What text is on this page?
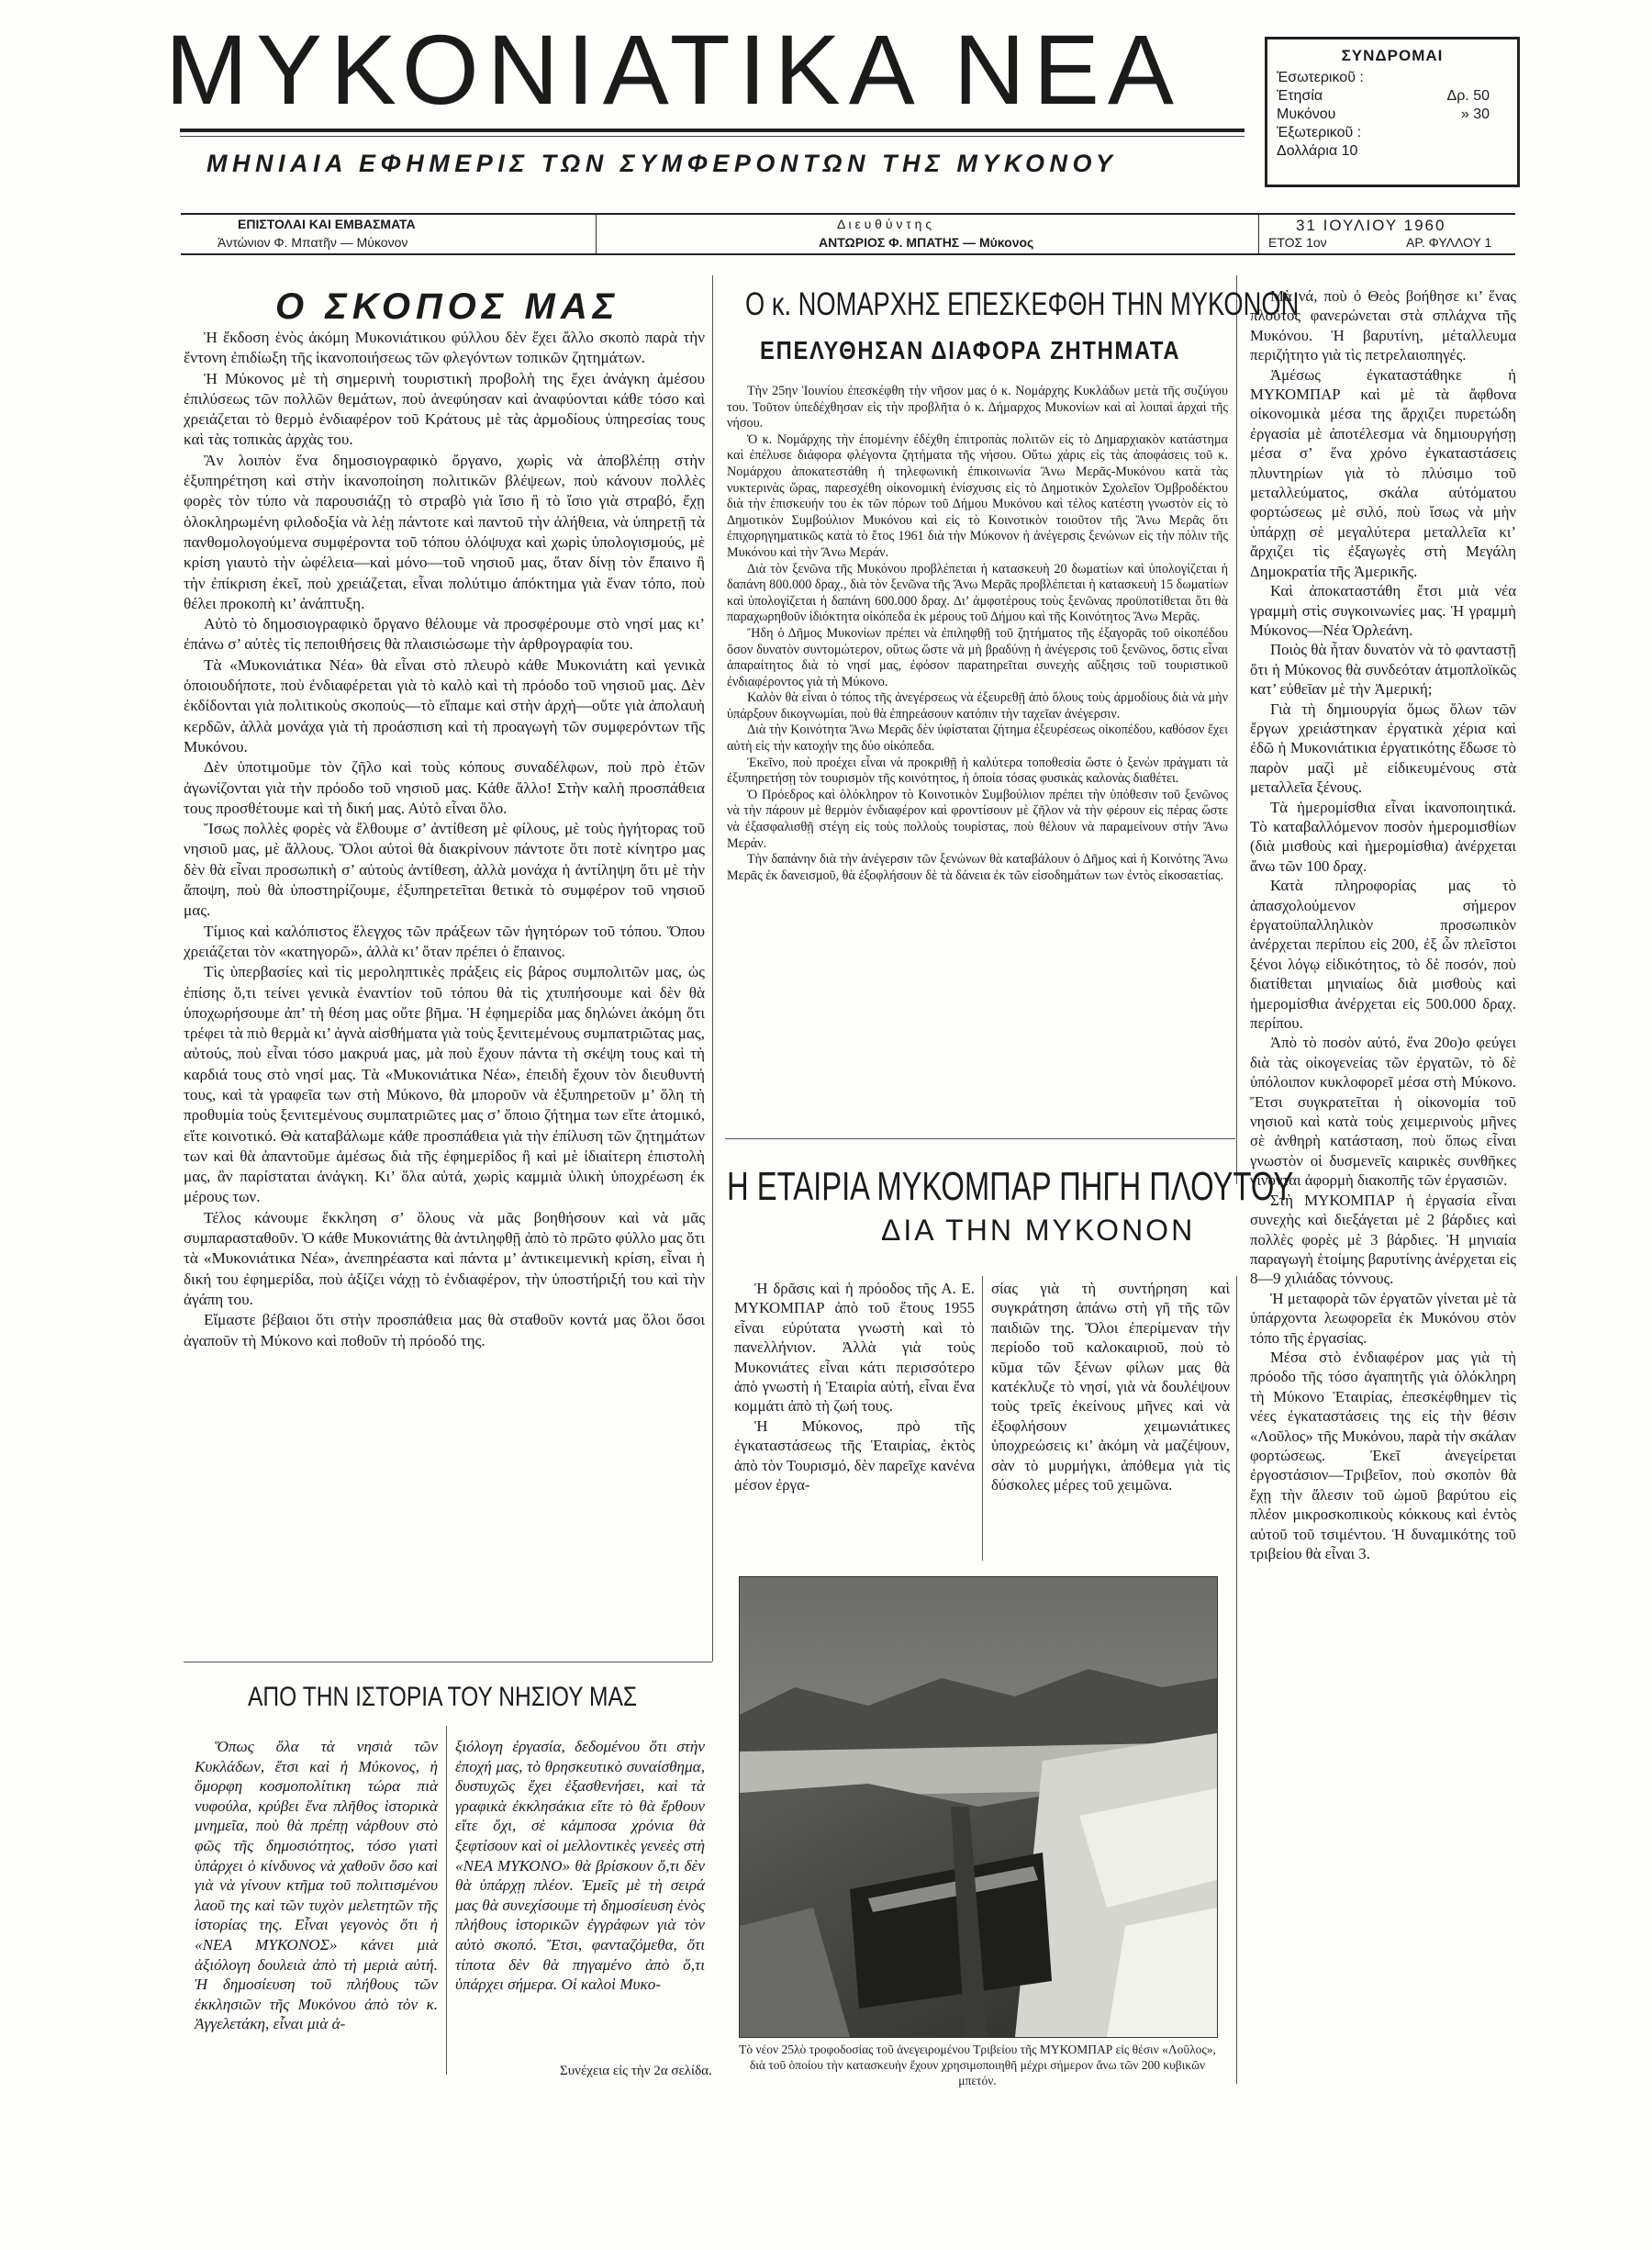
ΜΥΚΟΝΙΑΤΙΚΑ ΝΕΑ
ΜΗΝΙΑΙΑ ΕΦΗΜΕΡΙΣ ΤΩΝ ΣΥΜΦΕΡΟΝΤΩΝ ΤΗΣ ΜΥΚΟΝΟΥ
ΣΥΝΔΡΟΜΑΙ
Ἐσωτερικοῦ :
Ἐτησία	Δρ. 50
Μυκόνου	» 30
Ἐξωτερικοῦ :
Δολλάρια 10
ΕΠΙΣΤΟΛΑΙ ΚΑΙ ΕΜΒΑΣΜΑΤΑ
Ἀντώνιον Φ. Μπατῆν — Μύκονον
Δ ι ε υ θ ύ ν τ η ς
ΑΝΤΩΡΙΟΣ Φ. ΜΠΑΤΗΣ — Μύκονος
31 ΙΟΥΛΙΟΥ 1960
ΕΤΟΣ 1ον	ΑΡ. ΦΥΛΛΟΥ 1
Ο ΣΚΟΠΟΣ ΜΑΣ

Ἡ ἔκδοση ἑνὸς ἀκόμη Μυκονιάτικου φύλλου δὲν ἔχει ἄλλο σκοπὸ παρὰ τὴν ἔντονη ἐπιδίωξη τῆς ἱκανοποιήσεως τῶν φλεγόντων τοπικῶν ζητημάτων.

Ἡ Μύκονος μὲ τὴ σημερινὴ τουριστικὴ προβολὴ της ἔχει ἀνάγκη ἀμέσου ἐπιλύσεως τῶν πολλῶν θεμάτων, ποὺ ἀνεφύησαν καὶ ἀναφύονται κάθε τόσο καὶ χρειάζεται τὸ θερμὸ ἐνδιαφέρον τοῦ Κράτους μὲ τὰς ἁρμοδίους ὑπηρεσίας τους καὶ τὰς τοπικὰς ἀρχὰς του.

Ἂν λοιπὸν ἕνα δημοσιογραφικὸ ὄργανο, χωρὶς νὰ ἀποβλέπῃ στὴν ἐξυπηρέτηση καὶ στὴν ἱκανοποίηση πολιτικῶν βλέψεων, ποὺ κάνουν πολλὲς φορὲς τὸν τύπο νὰ παρουσιάζῃ τὸ στραβὸ γιὰ ἴσιο ἢ τὸ ἴσιο γιὰ στραβό, ἔχῃ ὁλοκληρωμένη φιλοδοξία νὰ λέῃ πάντοτε καὶ παντοῦ τὴν ἀλήθεια, νὰ ὑπηρετῇ τὰ πανθομολογούμενα συμφέροντα τοῦ τόπου ὁλόψυχα καὶ χωρὶς ὑπολογισμούς, μὲ κρίση γιαυτὸ τὴν ὠφέλεια—καὶ μόνο—τοῦ νησιοῦ μας, ὅταν δίνῃ τὸν ἔπαινο ἢ τὴν ἐπίκριση ἐκεῖ, ποὺ χρειάζεται, εἶναι πολύτιμο ἀπόκτημα γιὰ ἕναν τόπο, ποὺ θέλει προκοπὴ κι’ ἀνάπτυξη.

Αὐτὸ τὸ δημοσιογραφικὸ ὄργανο θέλουμε νὰ προσφέρουμε στὸ νησί μας κι’ ἐπάνω σ’ αὐτὲς τὶς πεποιθήσεις θὰ πλαισιώσωμε τὴν ἀρθρογραφία του.

Τὰ «Μυκονιάτικα Νέα» θὰ εἶναι στὸ πλευρὸ κάθε Μυκονιάτη καὶ γενικὰ ὁποιουδήποτε, ποὺ ἐνδιαφέρεται γιὰ τὸ καλὸ καὶ τὴ πρόοδο τοῦ νησιοῦ μας. Δὲν ἐκδίδονται γιὰ πολιτικοὺς σκοποὺς—τὸ εἴπαμε καὶ στὴν ἀρχὴ—οὔτε γιὰ ἀπολαυὴ κερδῶν, ἀλλὰ μονάχα γιὰ τὴ προάσπιση καὶ τὴ προαγωγὴ τῶν συμφερόντων τῆς Μυκόνου.

Δὲν ὑποτιμοῦμε τὸν ζῆλο καὶ τοὺς κόπους συναδέλφων, ποὺ πρὸ ἐτῶν ἀγωνίζονται γιὰ τὴν πρόοδο τοῦ νησιοῦ μας. Κάθε ἄλλο! Στὴν καλὴ προσπάθεια τους προσθέτουμε καὶ τὴ δική μας. Αὐτὸ εἶναι ὅλο.

Ἴσως πολλὲς φορὲς νὰ ἔλθουμε σ’ ἀντίθεση μὲ φίλους, μὲ τοὺς ἡγήτορας τοῦ νησιοῦ μας, μὲ ἄλλους. Ὅλοι αὐτοὶ θὰ διακρίνουν πάντοτε ὅτι ποτὲ κίνητρο μας δὲν θὰ εἶναι προσωπικὴ σ’ αὐτοὺς ἀντίθεση, ἀλλὰ μονάχα ἡ ἀντίληψη ὅτι μὲ τὴν ἄποψη, ποὺ θὰ ὑποστηρίζουμε, ἐξυπηρετεῖται θετικὰ τὸ συμφέρον τοῦ νησιοῦ μας.

Τίμιος καὶ καλόπιστος ἔλεγχος τῶν πράξεων τῶν ἡγητόρων τοῦ τόπου. Ὅπου χρειάζεται τὸν «κατηγορῶ», ἀλλὰ κι’ ὅταν πρέπει ὁ ἔπαινος.

Τὶς ὑπερβασίες καὶ τὶς μεροληπτικὲς πράξεις εἰς βάρος συμπολιτῶν μας, ὡς ἐπίσης ὅ,τι τείνει γενικὰ ἐναντίον τοῦ τόπου θὰ τὶς χτυπήσουμε καὶ δὲν θὰ ὑποχωρήσουμε ἀπ’ τὴ θέση μας οὔτε βῆμα. Ἡ ἐφημερίδα μας δηλώνει ἀκόμη ὅτι τρέφει τὰ πιὸ θερμὰ κι’ ἁγνὰ αἰσθήματα γιὰ τοὺς ξενιτεμένους συμπατριῶτας μας, αὐτούς, ποὺ εἶναι τόσο μακρυά μας, μὰ ποὺ ἔχουν πάντα τὴ σκέψη τους καὶ τὴ καρδιά τους στὸ νησί μας. Τὰ «Μυκονιάτικα Νέα», ἐπειδὴ ἔχουν τὸν διευθυντή τους, καὶ τὰ γραφεῖα των στὴ Μύκονο, θὰ μποροῦν νὰ ἐξυπηρετοῦν μ’ ὅλη τὴ προθυμία τοὺς ξενιτεμένους συμπατριῶτες μας σ’ ὅποιο ζήτημα των εἴτε ἀτομικό, εἴτε κοινοτικό. Θὰ καταβάλωμε κάθε προσπάθεια γιὰ τὴν ἐπίλυση τῶν ζητημάτων των καὶ θὰ ἀπαντοῦμε ἀμέσως διὰ τῆς ἐφημερίδος ἢ καὶ μὲ ἰδιαίτερη ἐπιστολὴ μας, ἂν παρίσταται ἀνάγκη. Κι’ ὅλα αὐτά, χωρὶς καμμιὰ ὑλικὴ ὑποχρέωση ἐκ μέρους των.

Τέλος κάνουμε ἔκκληση σ’ ὅλους νὰ μᾶς βοηθήσουν καὶ νὰ μᾶς συμπαρασταθοῦν. Ὁ κάθε Μυκονιάτης θὰ ἀντιληφθῇ ἀπὸ τὸ πρῶτο φύλλο μας ὅτι τὰ «Μυκονιάτικα Νέα», ἀνεπηρέαστα καὶ πάντα μ’ ἀντικειμενικὴ κρίση, εἶναι ἡ δική του ἐφημερίδα, ποὺ ἀξίζει νάχῃ τὸ ἐνδιαφέρον, τὴν ὑποστήριξή του καὶ τὴν ἀγάπη του.

Εἴμαστε βέβαιοι ὅτι στὴν προσπάθεια μας θὰ σταθοῦν κοντά μας ὅλοι ὅσοι ἀγαποῦν τὴ Μύκονο καὶ ποθοῦν τὴ πρόοδό της.

Ο κ. ΝΟΜΑΡΧΗΣ ΕΠΕΣΚΕΦΘΗ ΤΗΝ ΜΥΚΟΝΟΝ
ΕΠΕΛΥΘΗΣΑΝ ΔΙΑΦΟΡΑ ΖΗΤΗΜΑΤΑ

Τὴν 25ην Ἰουνίου ἐπεσκέφθη τὴν νῆσον μας ὁ κ. Νομάρχης Κυκλάδων μετὰ τῆς συζύγου του. Τοῦτον ὑπεδέχθησαν εἰς τὴν προβλῆτα ὁ κ. Δήμαρχος Μυκονίων καὶ αἱ λοιπαὶ ἀρχαὶ τῆς νήσου.

Ὁ κ. Νομάρχης τὴν ἑπομένην ἐδέχθη ἐπιτροπὰς πολιτῶν εἰς τὸ Δημαρχιακὸν κατάστημα καὶ ἐπέλυσε διάφορα φλέγοντα ζητήματα τῆς νήσου. Οὕτω χάρις εἰς τὰς ἀποφάσεις τοῦ κ. Νομάρχου ἀποκατεστάθη ἡ τηλεφωνικὴ ἐπικοινωνία Ἄνω Μερᾶς-Μυκόνου κατὰ τὰς νυκτερινὰς ὥρας, παρεσχέθη οἰκονομικὴ ἐνίσχυσις εἰς τὸ Δημοτικὸν Σχολεῖον Ὀμβροδέκτου διὰ τὴν ἐπισκευήν του ἐκ τῶν πόρων τοῦ Δήμου Μυκόνου καὶ τέλος κατέστη γνωστὸν εἰς τὸ Δημοτικὸν Συμβούλιον Μυκόνου καὶ εἰς τὸ Κοινοτικὸν τοιοῦτον τῆς Ἄνω Μερᾶς ὅτι ἐπιχορηγηματικῶς κατὰ τὸ ἔτος 1961 διὰ τὴν Μύκονον ἡ ἀνέγερσις ξενώνων εἰς τὴν πόλιν τῆς Μυκόνου καὶ τὴν Ἄνω Μεράν.

Διὰ τὸν ξενῶνα τῆς Μυκόνου προβλέπεται ἡ κατασκευὴ 20 δωματίων καὶ ὑπολογίζεται ἡ δαπάνη 800.000 δραχ., διὰ τὸν ξενῶνα τῆς Ἄνω Μερᾶς προβλέπεται ἡ κατασκευὴ 15 δωματίων καὶ ὑπολογίζεται ἡ δαπάνη 600.000 δραχ. Δι’ ἀμφοτέρους τοὺς ξενῶνας προϋποτίθεται ὅτι θὰ παραχωρηθοῦν ἰδιόκτητα οἰκόπεδα ἐκ μέρους τοῦ Δήμου καὶ τῆς Κοινότητος Ἄνω Μερᾶς.

Ἤδη ὁ Δῆμος Μυκονίων πρέπει νὰ ἐπιληφθῇ τοῦ ζητήματος τῆς ἐξαγορᾶς τοῦ οἰκοπέδου ὅσον δυνατὸν συντομώτερον, οὕτως ὥστε νὰ μὴ βραδύνῃ ἡ ἀνέγερσις τοῦ ξενῶνος, ὅστις εἶναι ἀπαραίτητος διὰ τὸ νησί μας, ἐφόσον παρατηρεῖται συνεχὴς αὔξησις τοῦ τουριστικοῦ ἐνδιαφέροντος γιὰ τὴ Μύκονο.

Καλὸν θὰ εἶναι ὁ τόπος τῆς ἀνεγέρσεως νὰ ἐξευρεθῇ ἀπὸ ὅλους τοὺς ἁρμοδίους διὰ νὰ μὴν ὑπάρξουν δικογνωμίαι, ποὺ θὰ ἐπηρεάσουν κατόπιν τὴν ταχεῖαν ἀνέγερσιν.

Διὰ τὴν Κοινότητα Ἄνω Μερᾶς δὲν ὑφίσταται ζήτημα ἐξευρέσεως οἰκοπέδου, καθόσον ἔχει αὐτὴ εἰς τὴν κατοχήν της δύο οἰκόπεδα.

Ἐκεῖνο, ποὺ προέχει εἶναι νὰ προκριθῇ ἡ καλύτερα τοποθεσία ὥστε ὁ ξενὼν πράγματι τὰ ἐξυπηρετήσῃ τὸν τουρισμὸν τῆς κοινότητος, ἡ ὁποία τόσας φυσικὰς καλονὰς διαθέτει.

Ὁ Πρόεδρος καὶ ὁλόκληρον τὸ Κοινοτικὸν Συμβούλιον πρέπει τὴν ὑπόθεσιν τοῦ ξενῶνος νὰ τὴν πάρουν μὲ θερμὸν ἐνδιαφέρον καὶ φροντίσουν μὲ ζῆλον νὰ τὴν φέρουν εἰς πέρας ὥστε νὰ ἐξασφαλισθῇ στέγη εἰς τοὺς πολλοὺς τουρίστας, ποὺ θέλουν νὰ παραμείνουν στὴν Ἄνω Μεράν.

Τὴν δαπάνην διὰ τὴν ἀνέγερσιν τῶν ξενώνων θὰ καταβάλουν ὁ Δῆμος καὶ ἡ Κοινότης Ἄνω Μερᾶς ἐκ δανεισμοῦ, θὰ ἐξοφλήσουν δὲ τὰ δάνεια ἐκ τῶν εἰσοδημάτων των ἐντὸς εἰκοσαετίας.

Μὰ νά, ποὺ ὁ Θεὸς βοήθησε κι’ ἕνας πλοῦτος φανερώνεται στὰ σπλάχνα τῆς Μυκόνου. Ἡ βαρυτίνη, μέταλλευμα περιζήτητο γιὰ τὶς πετρελαιοπηγές.

Ἀμέσως ἐγκαταστάθηκε ἡ ΜΥΚΟΜΠΑΡ καὶ μὲ τὰ ἄφθονα οἰκονομικὰ μέσα της ἄρχιζει πυρετώδη ἐργασία μὲ ἀποτέλεσμα νὰ δημιουργήσῃ μέσα σ’ ἕνα χρόνο ἐγκαταστάσεις πλυντηρίων γιὰ τὸ πλύσιμο τοῦ μεταλλεύματος, σκάλα αὐτόματου φορτώσεως μὲ σιλό, ποὺ ἴσως νὰ μὴν ὑπάρχῃ σὲ μεγαλύτερα μεταλλεῖα κι’ ἄρχιζει τὶς ἐξαγωγὲς στὴ Μεγάλη Δημοκρατία τῆς Ἀμερικῆς.

Καὶ ἀποκαταστάθη ἔτσι μιὰ νέα γραμμὴ στὶς συγκοινωνίες μας. Ἡ γραμμὴ Μύκονος—Νέα Ὀρλεάνη.

Ποιὸς θὰ ἦταν δυνατὸν νὰ τὸ φανταστῇ ὅτι ἡ Μύκονος θὰ συνδεόταν ἀτμοπλοϊκῶς κατ’ εὐθεῖαν μὲ τὴν Ἀμερική;

Γιὰ τὴ δημιουργία ὅμως ὅλων τῶν ἔργων χρειάστηκαν ἐργατικὰ χέρια καὶ ἐδῶ ἡ Μυκονιάτικια ἐργατικότης ἔδωσε τὸ παρὸν μαζὶ μὲ εἰδικευμένους στὰ μεταλλεῖα ξένους.

Τὰ ἡμερομίσθια εἶναι ἱκανοποιητικά. Τὸ καταβαλλόμενον ποσὸν ἡμερομισθίων (διὰ μισθοὺς καὶ ἡμερομίσθια) ἀνέρχεται ἄνω τῶν 100 δραχ.

Κατὰ πληροφορίας μας τὸ ἀπασχολούμενον σήμερον ἐργατοϋπαλληλικὸν προσωπικὸν ἀνέρχεται περίπου εἰς 200, ἐξ ὧν πλεῖστοι ξένοι λόγῳ εἰδικότητος, τὸ δὲ ποσόν, ποὺ διατίθεται μηνιαίως διὰ μισθοὺς καὶ ἡμερομίσθια ἀνέρχεται εἰς 500.000 δραχ. περίπου.

Ἀπὸ τὸ ποσὸν αὐτό, ἕνα 20ο)ο φεύγει διὰ τὰς οἰκογενείας τῶν ἐργατῶν, τὸ δὲ ὑπόλοιπον κυκλοφορεῖ μέσα στὴ Μύκονο. Ἔτσι συγκρατεῖται ἡ οἰκονομία τοῦ νησιοῦ καὶ κατὰ τοὺς χειμερινοὺς μῆνες σὲ ἀνθηρὴ κατάσταση, ποὺ ὅπως εἶναι γνωστὸν οἱ δυσμενεῖς καιρικὲς συνθῆκες γίνονται ἀφορμὴ διακοπῆς τῶν ἐργασιῶν.

Στὴ ΜΥΚΟΜΠΑΡ ἡ ἐργασία εἶναι συνεχὴς καὶ διεξάγεται μὲ 2 βάρδιες καὶ πολλὲς φορὲς μὲ 3 βάρδιες. Ἡ μηνιαία παραγωγὴ ἑτοίμης βαρυτίνης ἀνέρχεται εἰς 8—9 χιλιάδας τόννους.

Ἡ μεταφορὰ τῶν ἐργατῶν γίνεται μὲ τὰ ὑπάρχοντα λεωφορεῖα ἐκ Μυκόνου στὸν τόπο τῆς ἐργασίας.

Μέσα στὸ ἐνδιαφέρον μας γιὰ τὴ πρόοδο τῆς τόσο ἀγαπητῆς γιὰ ὁλόκληρη τὴ Μύκονο Ἑταιρίας, ἐπεσκέφθημεν τὶς νέες ἐγκαταστάσεις της εἰς τὴν θέσιν «Λοῦλος» τῆς Μυκόνου, παρὰ τὴν σκάλαν φορτώσεως. Ἐκεῖ ἀνεγείρεται ἐργοστάσιον—Τριβεῖον, ποὺ σκοπὸν θὰ ἔχῃ τὴν ἄλεσιν τοῦ ὠμοῦ βαρύτου εἰς πλέον μικροσκοπικοὺς κόκκους καὶ ἐντὸς αὐτοῦ τοῦ τσιμέντου. Ἡ δυναμικότης τοῦ τριβείου θὰ εἶναι 3.

Η ΕΤΑΙΡΙΑ ΜΥΚΟΜΠΑΡ ΠΗΓΗ ΠΛΟΥΤΟΥ
ΔΙΑ ΤΗΝ ΜΥΚΟΝΟΝ

Ἡ δρᾶσις καὶ ἡ πρόοδος τῆς Α. Ε. ΜΥΚΟΜΠΑΡ ἀπὸ τοῦ ἔτους 1955 εἶναι εὐρύτατα γνωστὴ καὶ τὸ πανελλήνιον. Ἀλλὰ γιὰ τοὺς Μυκονιάτες εἶναι κάτι περισσότερο ἀπὸ γνωστὴ ἡ Ἑταιρία αὐτή, εἶναι ἕνα κομμάτι ἀπὸ τὴ ζωή τους.

Ἡ Μύκονος, πρὸ τῆς ἐγκαταστάσεως τῆς Ἑταιρίας, ἐκτὸς ἀπὸ τὸν Τουρισμό, δὲν παρεῖχε κανένα μέσον ἐργα-

σίας γιὰ τὴ συντήρηση καὶ συγκράτηση ἀπάνω στὴ γῆ τῆς τῶν παιδιῶν της. Ὅλοι ἐπερίμεναν τὴν περίοδο τοῦ καλοκαιριοῦ, ποὺ τὸ κῦμα τῶν ξένων φίλων μας θὰ κατέκλυζε τὸ νησί, γιὰ νὰ δουλέψουν τοὺς τρεῖς ἐκείνους μῆνες καὶ νὰ ἐξοφλήσουν χειμωνιάτικες ὑποχρεώσεις κι’ ἀκόμη νὰ μαζέψουν, σὰν τὸ μυρμήγκι, ἀπόθεμα γιὰ τὶς δύσκολες μέρες τοῦ χειμῶνα.

Τὸ νέον 25λὸ τροφοδοσίας τοῦ ἀνεγειρομένου Τριβείου τῆς ΜΥΚΟΜΠΑΡ εἰς θέσιν «Λοῦλος», διὰ τοῦ ὁποίου τὴν κατασκευὴν ἔχουν χρησιμοποιηθῆ μέχρι σήμερον ἄνω τῶν 200 κυβικῶν μπετόν.
ΑΠΟ ΤΗΝ ΙΣΤΟΡΙΑ ΤΟΥ ΝΗΣΙΟΥ ΜΑΣ

Ὅπως ὅλα τὰ νησιὰ τῶν Κυκλάδων, ἔτσι καὶ ἡ Μύκονος, ἡ ὄμορφη κοσμοπολίτικη τώρα πιὰ νυφούλα, κρύβει ἕνα πλῆθος ἱστορικὰ μνημεῖα, ποὺ θὰ πρέπῃ νάρθουν στὸ φῶς τῆς δημοσιότητος, τόσο γιατὶ ὑπάρχει ὁ κίνδυνος νὰ χαθοῦν ὅσο καὶ γιὰ νὰ γίνουν κτῆμα τοῦ πολιτισμένου λαοῦ της καὶ τῶν τυχὸν μελετητῶν τῆς ἱστορίας της. Εἶναι γεγονὸς ὅτι ἡ «ΝΕΑ ΜΥΚΟΝΟΣ» κάνει μιὰ ἀξιόλογη δουλειὰ ἀπὸ τὴ μεριὰ αὐτή. Ἡ δημοσίευση τοῦ πλήθους τῶν ἐκκλησιῶν τῆς Μυκόνου ἀπὸ τὸν κ. Ἀγγελετάκη, εἶναι μιὰ ἀ-

ξιόλογη ἐργασία, δεδομένου ὅτι στὴν ἐποχή μας, τὸ θρησκευτικὸ συναίσθημα, δυστυχῶς ἔχει ἐξασθενήσει, καὶ τὰ γραφικὰ ἐκκλησάκια εἴτε τὸ θὰ ἔρθουν εἴτε ὄχι, σὲ κάμποσα χρόνια θὰ ξεφτίσουν καὶ οἱ μελλοντικὲς γενεὲς στὴ «ΝΕΑ ΜΥΚΟΝΟ» θὰ βρίσκουν ὅ,τι δὲν θὰ ὑπάρχῃ πλέον. Ἐμεῖς μὲ τὴ σειρά μας θὰ συνεχίσουμε τὴ δημοσίευση ἑνὸς πλήθους ἱστορικῶν ἐγγράφων γιὰ τὸν αὐτὸ σκοπό. Ἔτσι, φανταζόμεθα, ὅτι τίποτα δὲν θὰ πηγαμένο ἀπὸ ὅ,τι ὑπάρχει σήμερα. Οἱ καλοὶ Μυκο-

Συνέχεια εἰς τὴν 2α σελίδα.
